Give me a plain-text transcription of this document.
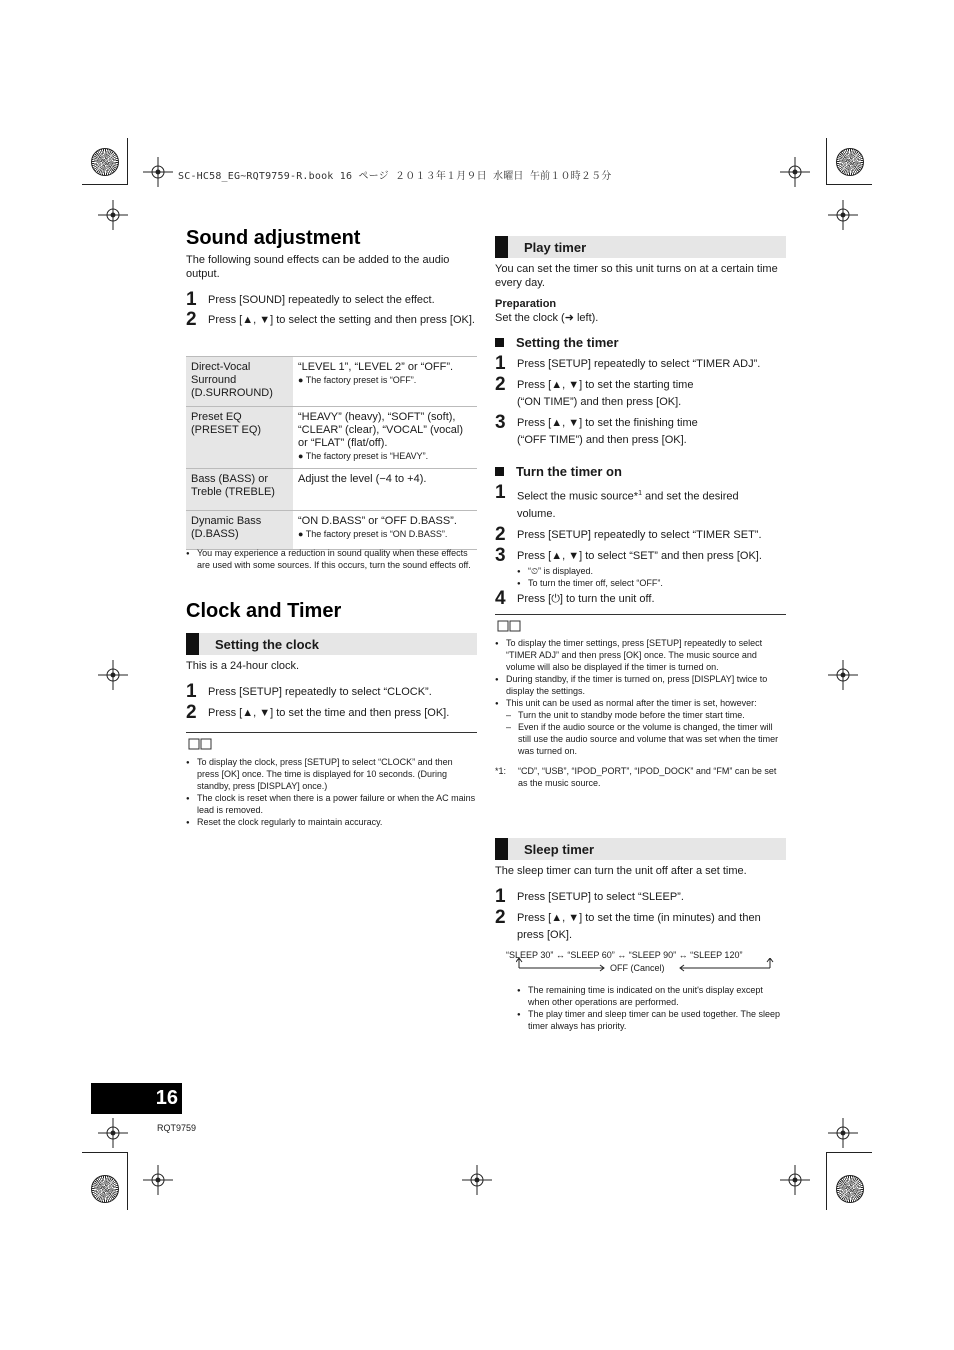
SC-HC58_EG~RQT9759-R.book 16 ページ ２０１３年１月９日 水曜日 午前１０時２５分
Sound adjustment

The following sound effects can be added to the audio output.

1	Press [SOUND] repeatedly to select the effect.
2	Press [▲, ▼] to select the setting and then press [OK].
Direct-Vocal Surround (D.SURROUND)	“LEVEL 1”, “LEVEL 2” or “OFF”.
● The factory preset is “OFF”.

Preset EQ (PRESET EQ)	“HEAVY” (heavy), “SOFT” (soft), “CLEAR” (clear), “VOCAL” (vocal) or “FLAT” (flat/off).
● The factory preset is “HEAVY”.

Bass (BASS) or Treble (TREBLE)	Adjust the level (−4 to +4).

Dynamic Bass (D.BASS)	“ON D.BASS” or “OFF D.BASS”.
● The factory preset is “ON D.BASS”.
● You may experience a reduction in sound quality when these effects are used with some sources. If this occurs, turn the sound effects off.
Clock and Timer
Setting the clock

This is a 24-hour clock.

1	Press [SETUP] repeatedly to select “CLOCK”.
2	Press [▲, ▼] to set the time and then press [OK].
● To display the clock, press [SETUP] to select “CLOCK” and then press [OK] once. The time is displayed for 10 seconds. (During standby, press [DISPLAY] once.)
● The clock is reset when there is a power failure or when the AC mains lead is removed.
● Reset the clock regularly to maintain accuracy.
Play timer

You can set the timer so this unit turns on at a certain time every day.

Preparation

Set the clock (➜ left).

Setting the timer
1	Press [SETUP] repeatedly to select “TIMER ADJ”.
2	Press [▲, ▼] to set the starting time (“ON TIME”) and then press [OK].
3	Press [▲, ▼] to set the finishing time (“OFF TIME”) and then press [OK].
Turn the timer on
1	Select the music source*$^1$ and set the desired volume.
2	Press [SETUP] repeatedly to select “TIMER SET”.
3	Press [▲, ▼] to select “SET” and then press [OK].
● “⏲” is displayed.
● To turn the timer off, select “OFF”.
4	Press [⏻] to turn the unit off.
● To display the timer settings, press [SETUP] repeatedly to select “TIMER ADJ” and then press [OK] once. The music source and volume will also be displayed if the timer is turned on.
● During standby, if the timer is turned on, press [DISPLAY] twice to display the settings.
● This unit can be used as normal after the timer is set, however:
– Turn the unit to standby mode before the timer start time.
– Even if the audio source or the volume is changed, the timer will still use the audio source and volume that was set when the timer was turned on.
*1:	“CD”, “USB”, “IPOD_PORT”, “IPOD_DOCK” and “FM” can be set as the music source.
Sleep timer

The sleep timer can turn the unit off after a set time.

1	Press [SETUP] to select “SLEEP”.
2	Press [▲, ▼] to set the time (in minutes) and then press [OK].
“SLEEP 30” ↔ “SLEEP 60” ↔ “SLEEP 90” ↔ “SLEEP 120”
OFF (Cancel)
● The remaining time is indicated on the unit's display except when other operations are performed.
● The play timer and sleep timer can be used together. The sleep timer always has priority.
16
RQT9759
